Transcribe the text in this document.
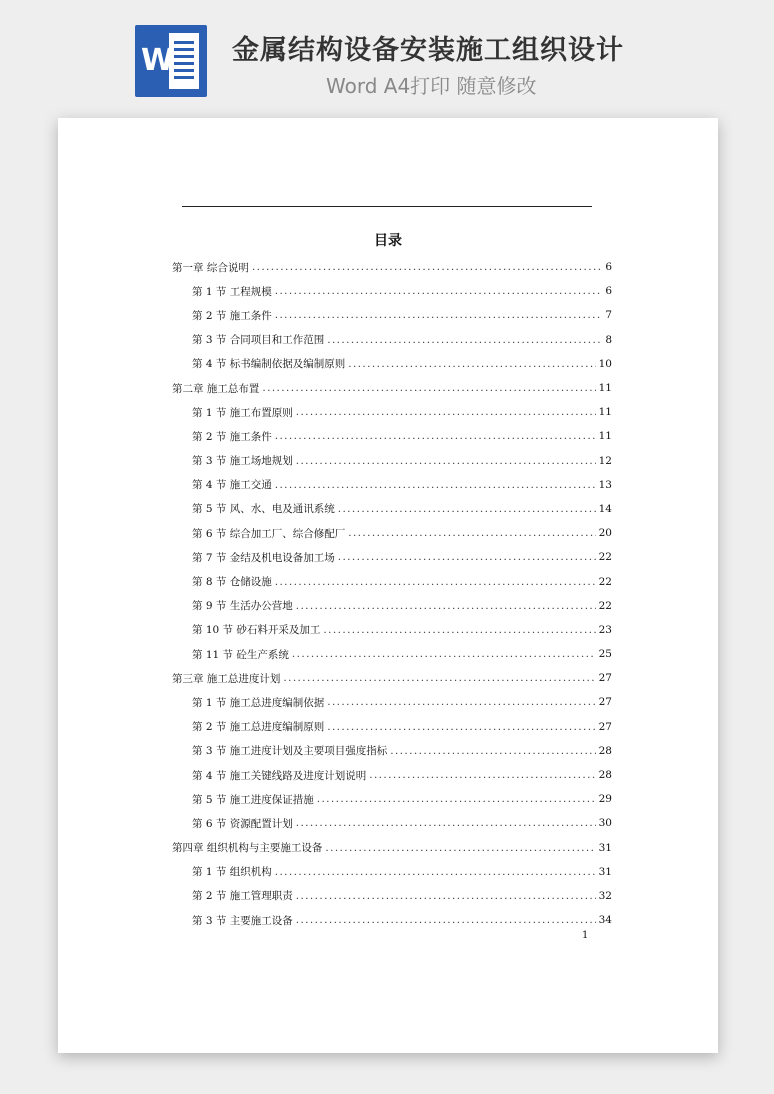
W 金属结构设备安装施工组织设计
Word A4打印 随意修改
目录
第一章 综合说明 .....	6
第 1 节 工程规模 .....	6
第 2 节 施工条件 .....	7
第 3 节 合同项目和工作范围 .....	8
第 4 节 标书编制依据及编制原则 .....	10
第二章 施工总布置 .....	11
第 1 节 施工布置原则 .....	11
第 2 节 施工条件 .....	11
第 3 节 施工场地规划 .....	12
第 4 节 施工交通 .....	13
第 5 节 风、水、电及通讯系统 .....	14
第 6 节 综合加工厂、综合修配厂 .....	20
第 7 节 金结及机电设备加工场 .....	22
第 8 节 仓储设施 .....	22
第 9 节 生活办公营地 .....	22
第 10 节 砂石料开采及加工 .....	23
第 11 节 砼生产系统 .....	25
第三章 施工总进度计划 .....	27
第 1 节 施工总进度编制依据 .....	27
第 2 节 施工总进度编制原则 .....	27
第 3 节 施工进度计划及主要项目强度指标 .....	28
第 4 节 施工关键线路及进度计划说明 .....	28
第 5 节 施工进度保证措施 .....	29
第 6 节 资源配置计划 .....	30
第四章 组织机构与主要施工设备 .....	31
第 1 节 组织机构 .....	31
第 2 节 施工管理职责 .....	32
第 3 节 主要施工设备 .....	34
1
